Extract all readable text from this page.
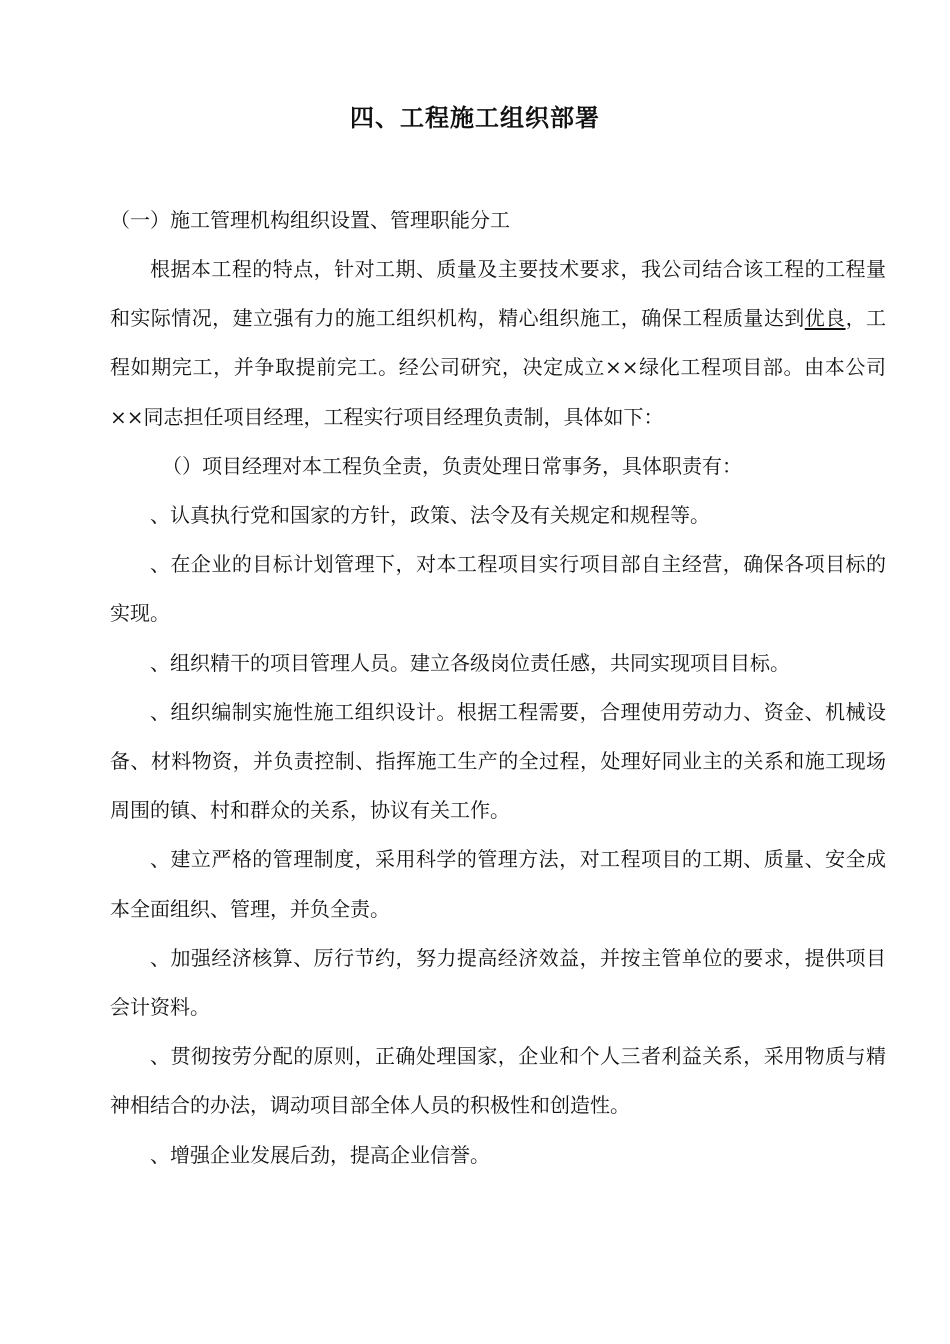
四、工程施工组织部署

（一）施工管理机构组织设置、管理职能分工

根据本工程的特点，针对工期、质量及主要技术要求，我公司结合该工程的工程量和实际情况，建立强有力的施工组织机构，精心组织施工，确保工程质量达到优良，工程如期完工，并争取提前完工。经公司研究，决定成立××绿化工程项目部。由本公司××同志担任项目经理，工程实行项目经理负责制，具体如下：

（）项目经理对本工程负全责，负责处理日常事务，具体职责有：

、认真执行党和国家的方针，政策、法令及有关规定和规程等。

、在企业的目标计划管理下，对本工程项目实行项目部自主经营，确保各项目标的实现。

、组织精干的项目管理人员。建立各级岗位责任感，共同实现项目目标。

、组织编制实施性施工组织设计。根据工程需要，合理使用劳动力、资金、机械设备、材料物资，并负责控制、指挥施工生产的全过程，处理好同业主的关系和施工现场周围的镇、村和群众的关系，协议有关工作。

、建立严格的管理制度，采用科学的管理方法，对工程项目的工期、质量、安全成本全面组织、管理，并负全责。

、加强经济核算、厉行节约，努力提高经济效益，并按主管单位的要求，提供项目会计资料。

、贯彻按劳分配的原则，正确处理国家，企业和个人三者利益关系，采用物质与精神相结合的办法，调动项目部全体人员的积极性和创造性。

、增强企业发展后劲，提高企业信誉。
